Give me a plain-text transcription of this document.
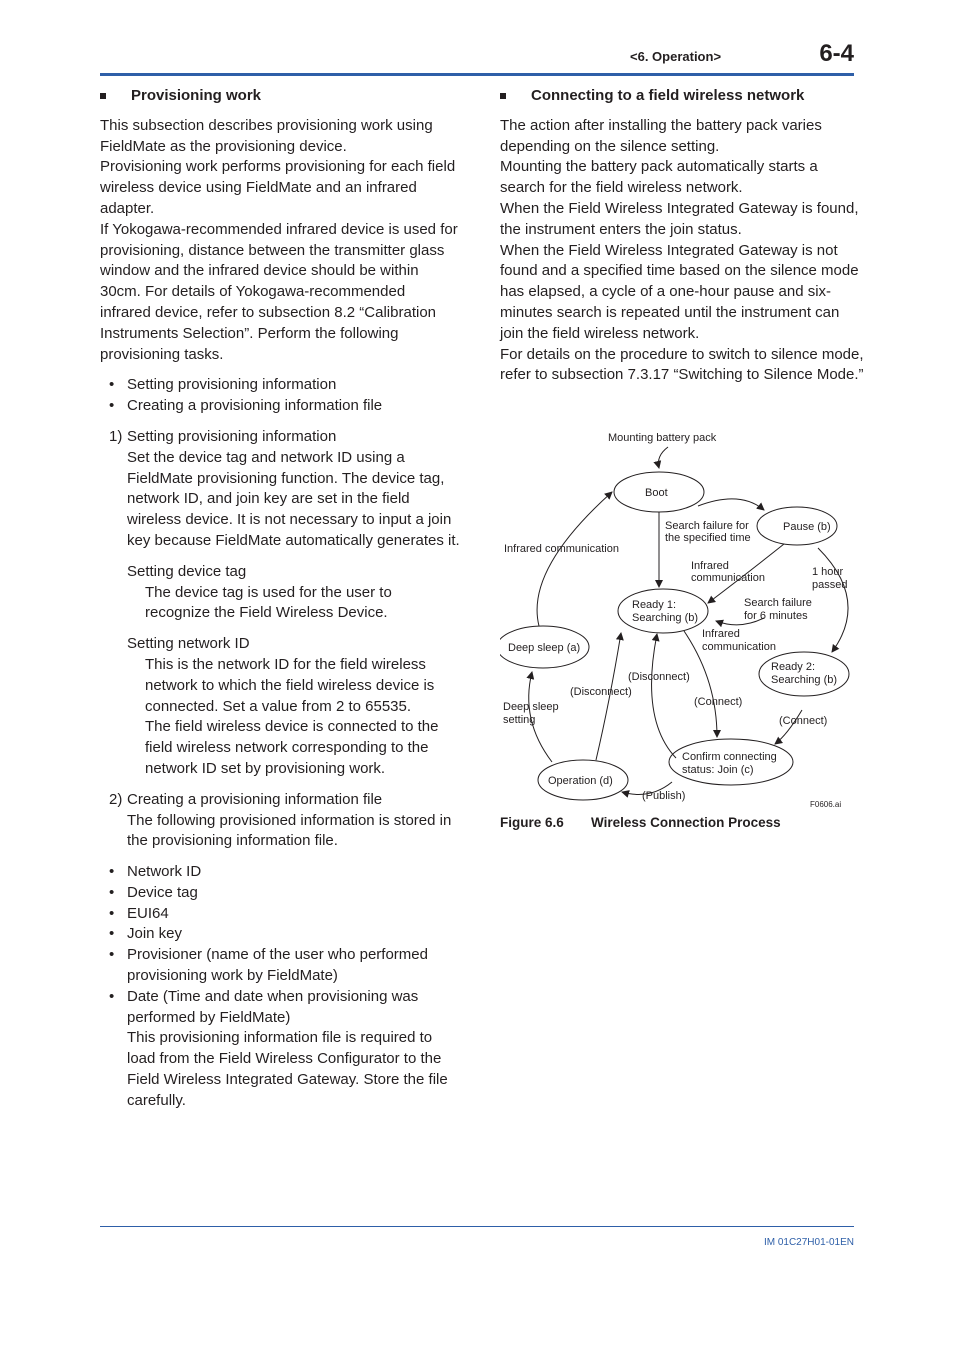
<6. Operation>	6-4
Provisioning work

This subsection describes provisioning work using FieldMate as the provisioning device.

Provisioning work performs provisioning for each field wireless device using FieldMate and an infrared adapter.

If Yokogawa-recommended infrared device is used for provisioning, distance between the transmitter glass window and the infrared device should be within 30cm. For details of Yokogawa-recommended infrared device, refer to subsection 8.2 “Calibration Instruments Selection”. Perform the following provisioning tasks.

• Setting provisioning information
• Creating a provisioning information file
1) Setting provisioning information

Set the device tag and network ID using a FieldMate provisioning function. The device tag, network ID, and join key are set in the field wireless device. It is not necessary to input a join key because FieldMate automatically generates it.

Setting device tag

The device tag is used for the user to recognize the Field Wireless Device.

Setting network ID

This is the network ID for the field wireless network to which the field wireless device is connected. Set a value from 2 to 65535.

The field wireless device is connected to the field wireless network corresponding to the network ID set by provisioning work.

2) Creating a provisioning information file

The following provisioned information is stored in the provisioning information file.

• Network ID
• Device tag
• EUI64
• Join key
• Provisioner (name of the user who performed provisioning work by FieldMate)
• Date (Time and date when provisioning was performed by FieldMate)

This provisioning information file is required to load from the Field Wireless Configurator to the Field Wireless Integrated Gateway. Store the file carefully.

Connecting to a field wireless network

The action after installing the battery pack varies depending on the silence setting.

Mounting the battery pack automatically starts a search for the field wireless network.

When the Field Wireless Integrated Gateway is found, the instrument enters the join status.

When the Field Wireless Integrated Gateway is not found and a specified time based on the silence mode has elapsed, a cycle of a one-hour pause and six-minutes search is repeated until the instrument can join the field wireless network.

For details on the procedure to switch to silence mode, refer to subsection 7.3.17 “Switching to Silence Mode.”

Boot
Pause (b)
Ready 1:
Searching (b)
Ready 2:
Searching (b)
Deep sleep (a)
Operation (d)
Confirm connecting
status: Join (c)
Mounting battery pack
Infrared communication
Search failure for
the specified time
Infrared
communication	1 hour
passed
Search failure
for 6 minutes
Infrared
communication
Deep sleep
setting
(Disconnect)
(Disconnect)
(Connect)
(Connect)
(Publish)
F0606.ai
Figure 6.6 Wireless Connection Process
IM 01C27H01-01EN
